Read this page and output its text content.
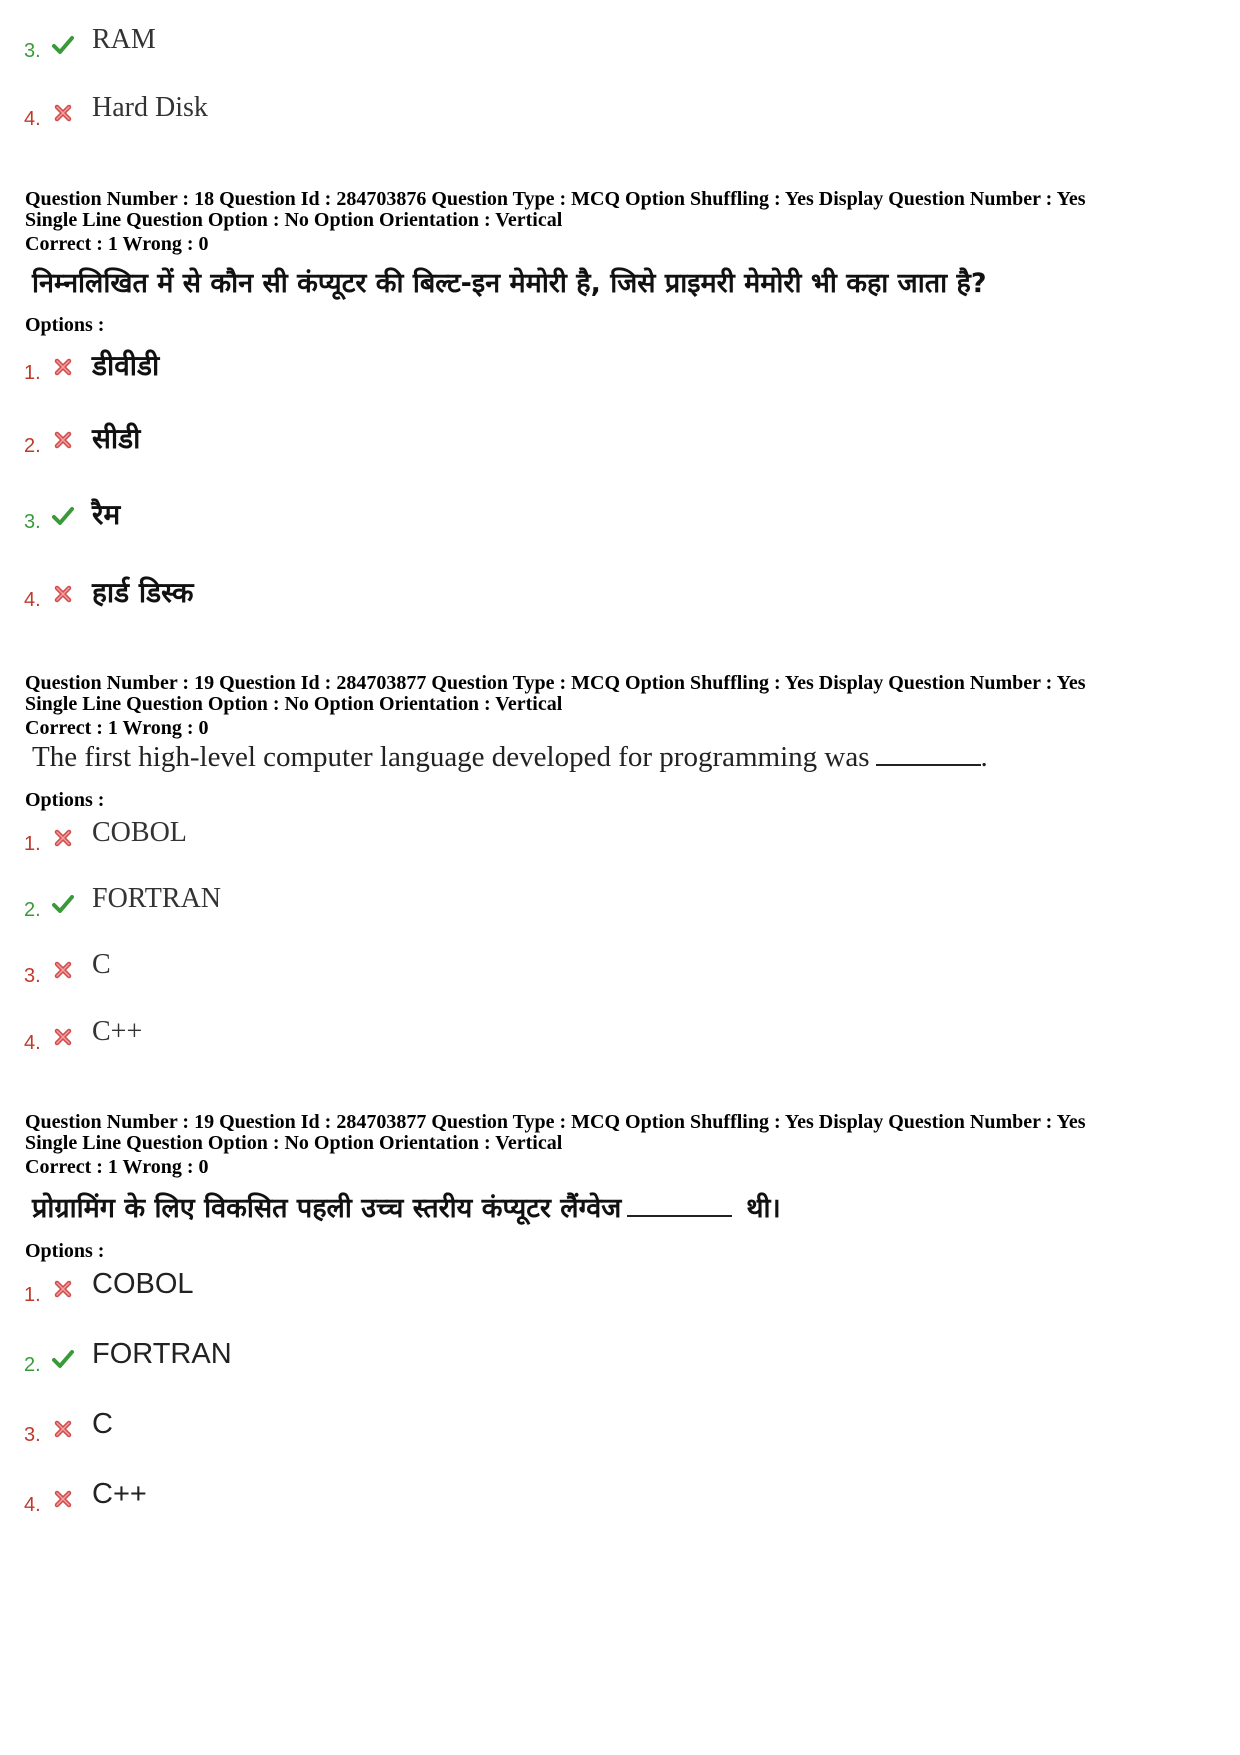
3. RAM
4. Hard Disk
Question Number : 18 Question Id : 284703876 Question Type : MCQ Option Shuffling : Yes Display Question Number : Yes
Single Line Question Option : No Option Orientation : Vertical
Correct : 1 Wrong : 0
निम्नलिखित में से कौन सी कंप्यूटर की बिल्ट-इन मेमोरी है, जिसे प्राइमरी मेमोरी भी कहा जाता है?
Options :
1. डीवीडी
2. सीडी
3. रैम
4. हार्ड डिस्क
Question Number : 19 Question Id : 284703877 Question Type : MCQ Option Shuffling : Yes Display Question Number : Yes
Single Line Question Option : No Option Orientation : Vertical
Correct : 1 Wrong : 0
The first high-level computer language developed for programming was	.
Options :
1. COBOL
2. FORTRAN
3. C
4. C++
Question Number : 19 Question Id : 284703877 Question Type : MCQ Option Shuffling : Yes Display Question Number : Yes
Single Line Question Option : No Option Orientation : Vertical
Correct : 1 Wrong : 0
प्रोग्रामिंग के लिए विकसित पहली उच्च स्तरीय कंप्यूटर लैंग्वेज	थी।
Options :
1. COBOL
2. FORTRAN
3. C
4. C++
